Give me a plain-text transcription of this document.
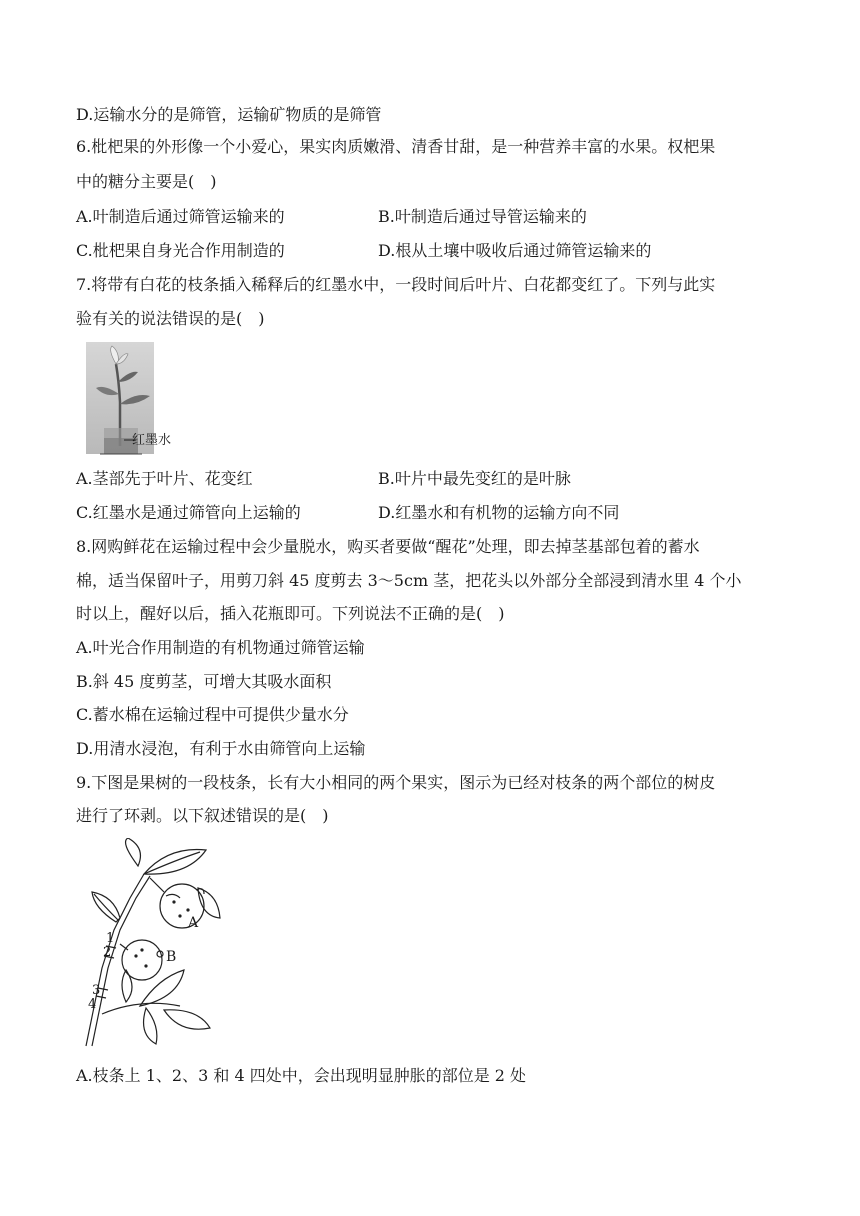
D.运输水分的是筛管，运输矿物质的是筛管
6.枇杷果的外形像一个小爱心，果实肉质嫩滑、清香甘甜，是一种营养丰富的水果。权杷果
中的糖分主要是(　)
A.叶制造后通过筛管运输来的	B.叶制造后通过导管运输来的
C.枇杷果自身光合作用制造的	D.根从土壤中吸收后通过筛管运输来的
7.将带有白花的枝条插入稀释后的红墨水中，一段时间后叶片、白花都变红了。下列与此实
验有关的说法错误的是(　)
红墨水
A.茎部先于叶片、花变红	B.叶片中最先变红的是叶脉
C.红墨水是通过筛管向上运输的	D.红墨水和有机物的运输方向不同
8.网购鲜花在运输过程中会少量脱水，购买者要做“醒花”处理，即去掉茎基部包着的蓄水
棉，适当保留叶子，用剪刀斜 45 度剪去 3～5cm 茎，把花头以外部分全部浸到清水里 4 个小
时以上，醒好以后，插入花瓶即可。下列说法不正确的是(　)
A.叶光合作用制造的有机物通过筛管运输
B.斜 45 度剪茎，可增大其吸水面积
C.蓄水棉在运输过程中可提供少量水分
D.用清水浸泡，有利于水由筛管向上运输
9.下图是果树的一段枝条，长有大小相同的两个果实，图示为已经对枝条的两个部位的树皮
进行了环剥。以下叙述错误的是(　)
A
B
1
2
3
4
A.枝条上 1、2、3 和 4 四处中，会出现明显肿胀的部位是 2 处
